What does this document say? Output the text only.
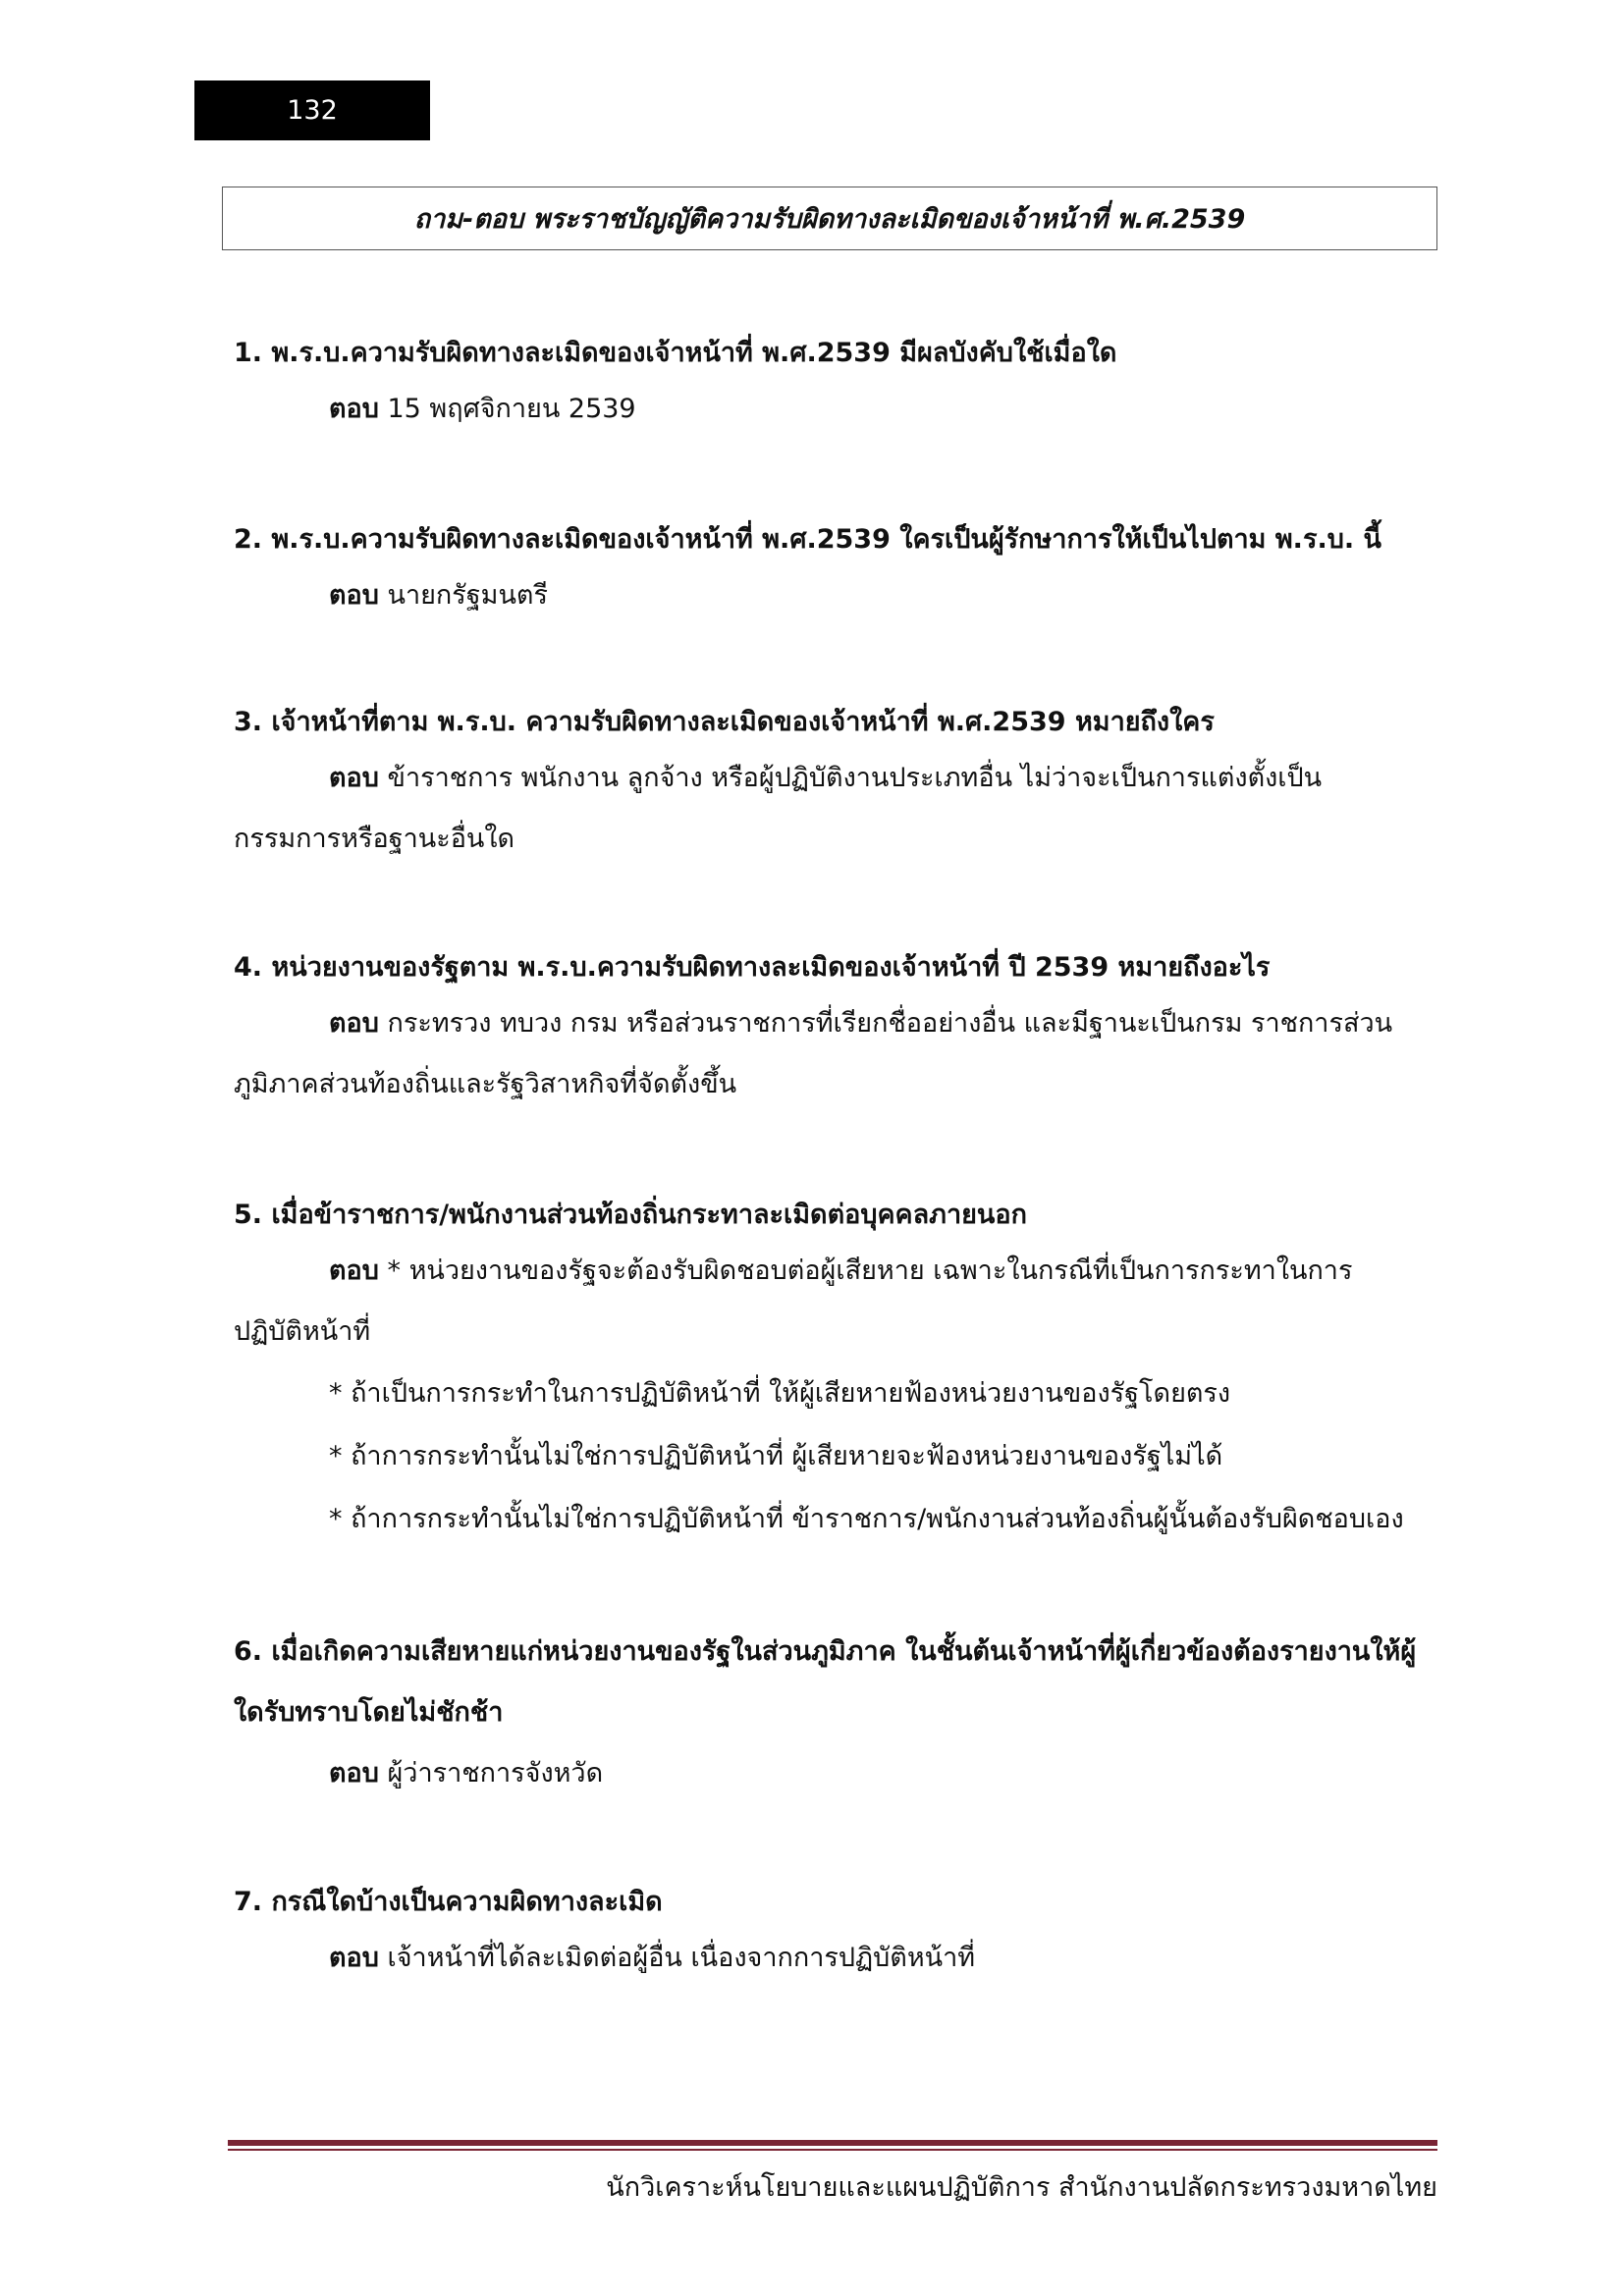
132
ถาม-ตอบ พระราชบัญญัติความรับผิดทางละเมิดของเจ้าหน้าที่ พ.ศ.2539
1. พ.ร.บ.ความรับผิดทางละเมิดของเจ้าหน้าที่ พ.ศ.2539 มีผลบังคับใช้เมื่อใด
ตอบ 15 พฤศจิกายน 2539
2. พ.ร.บ.ความรับผิดทางละเมิดของเจ้าหน้าที่ พ.ศ.2539 ใครเป็นผู้รักษาการให้เป็นไปตาม พ.ร.บ. นี้
ตอบ นายกรัฐมนตรี
3. เจ้าหน้าที่ตาม พ.ร.บ. ความรับผิดทางละเมิดของเจ้าหน้าที่ พ.ศ.2539 หมายถึงใคร
ตอบ ข้าราชการ พนักงาน ลูกจ้าง หรือผู้ปฏิบัติงานประเภทอื่น ไม่ว่าจะเป็นการแต่งตั้งเป็น
กรรมการหรือฐานะอื่นใด
4. หน่วยงานของรัฐตาม พ.ร.บ.ความรับผิดทางละเมิดของเจ้าหน้าที่ ปี 2539 หมายถึงอะไร
ตอบ กระทรวง ทบวง กรม หรือส่วนราชการที่เรียกชื่ออย่างอื่น และมีฐานะเป็นกรม ราชการส่วน
ภูมิภาคส่วนท้องถิ่นและรัฐวิสาหกิจที่จัดตั้งขึ้น
5. เมื่อข้าราชการ/พนักงานส่วนท้องถิ่นกระทาละเมิดต่อบุคคลภายนอก
ตอบ * หน่วยงานของรัฐจะต้องรับผิดชอบต่อผู้เสียหาย เฉพาะในกรณีที่เป็นการกระทาในการ
ปฏิบัติหน้าที่
* ถ้าเป็นการกระทำในการปฏิบัติหน้าที่ ให้ผู้เสียหายฟ้องหน่วยงานของรัฐโดยตรง
* ถ้าการกระทำนั้นไม่ใช่การปฏิบัติหน้าที่ ผู้เสียหายจะฟ้องหน่วยงานของรัฐไม่ได้
* ถ้าการกระทำนั้นไม่ใช่การปฏิบัติหน้าที่ ข้าราชการ/พนักงานส่วนท้องถิ่นผู้นั้นต้องรับผิดชอบเอง
6. เมื่อเกิดความเสียหายแก่หน่วยงานของรัฐในส่วนภูมิภาค ในชั้นต้นเจ้าหน้าที่ผู้เกี่ยวข้องต้องรายงานให้ผู้ใดรับทราบโดยไม่ชักช้า
ตอบ ผู้ว่าราชการจังหวัด
7. กรณีใดบ้างเป็นความผิดทางละเมิด
ตอบ เจ้าหน้าที่ได้ละเมิดต่อผู้อื่น เนื่องจากการปฏิบัติหน้าที่
นักวิเคราะห์นโยบายและแผนปฏิบัติการ สำนักงานปลัดกระทรวงมหาดไทย
